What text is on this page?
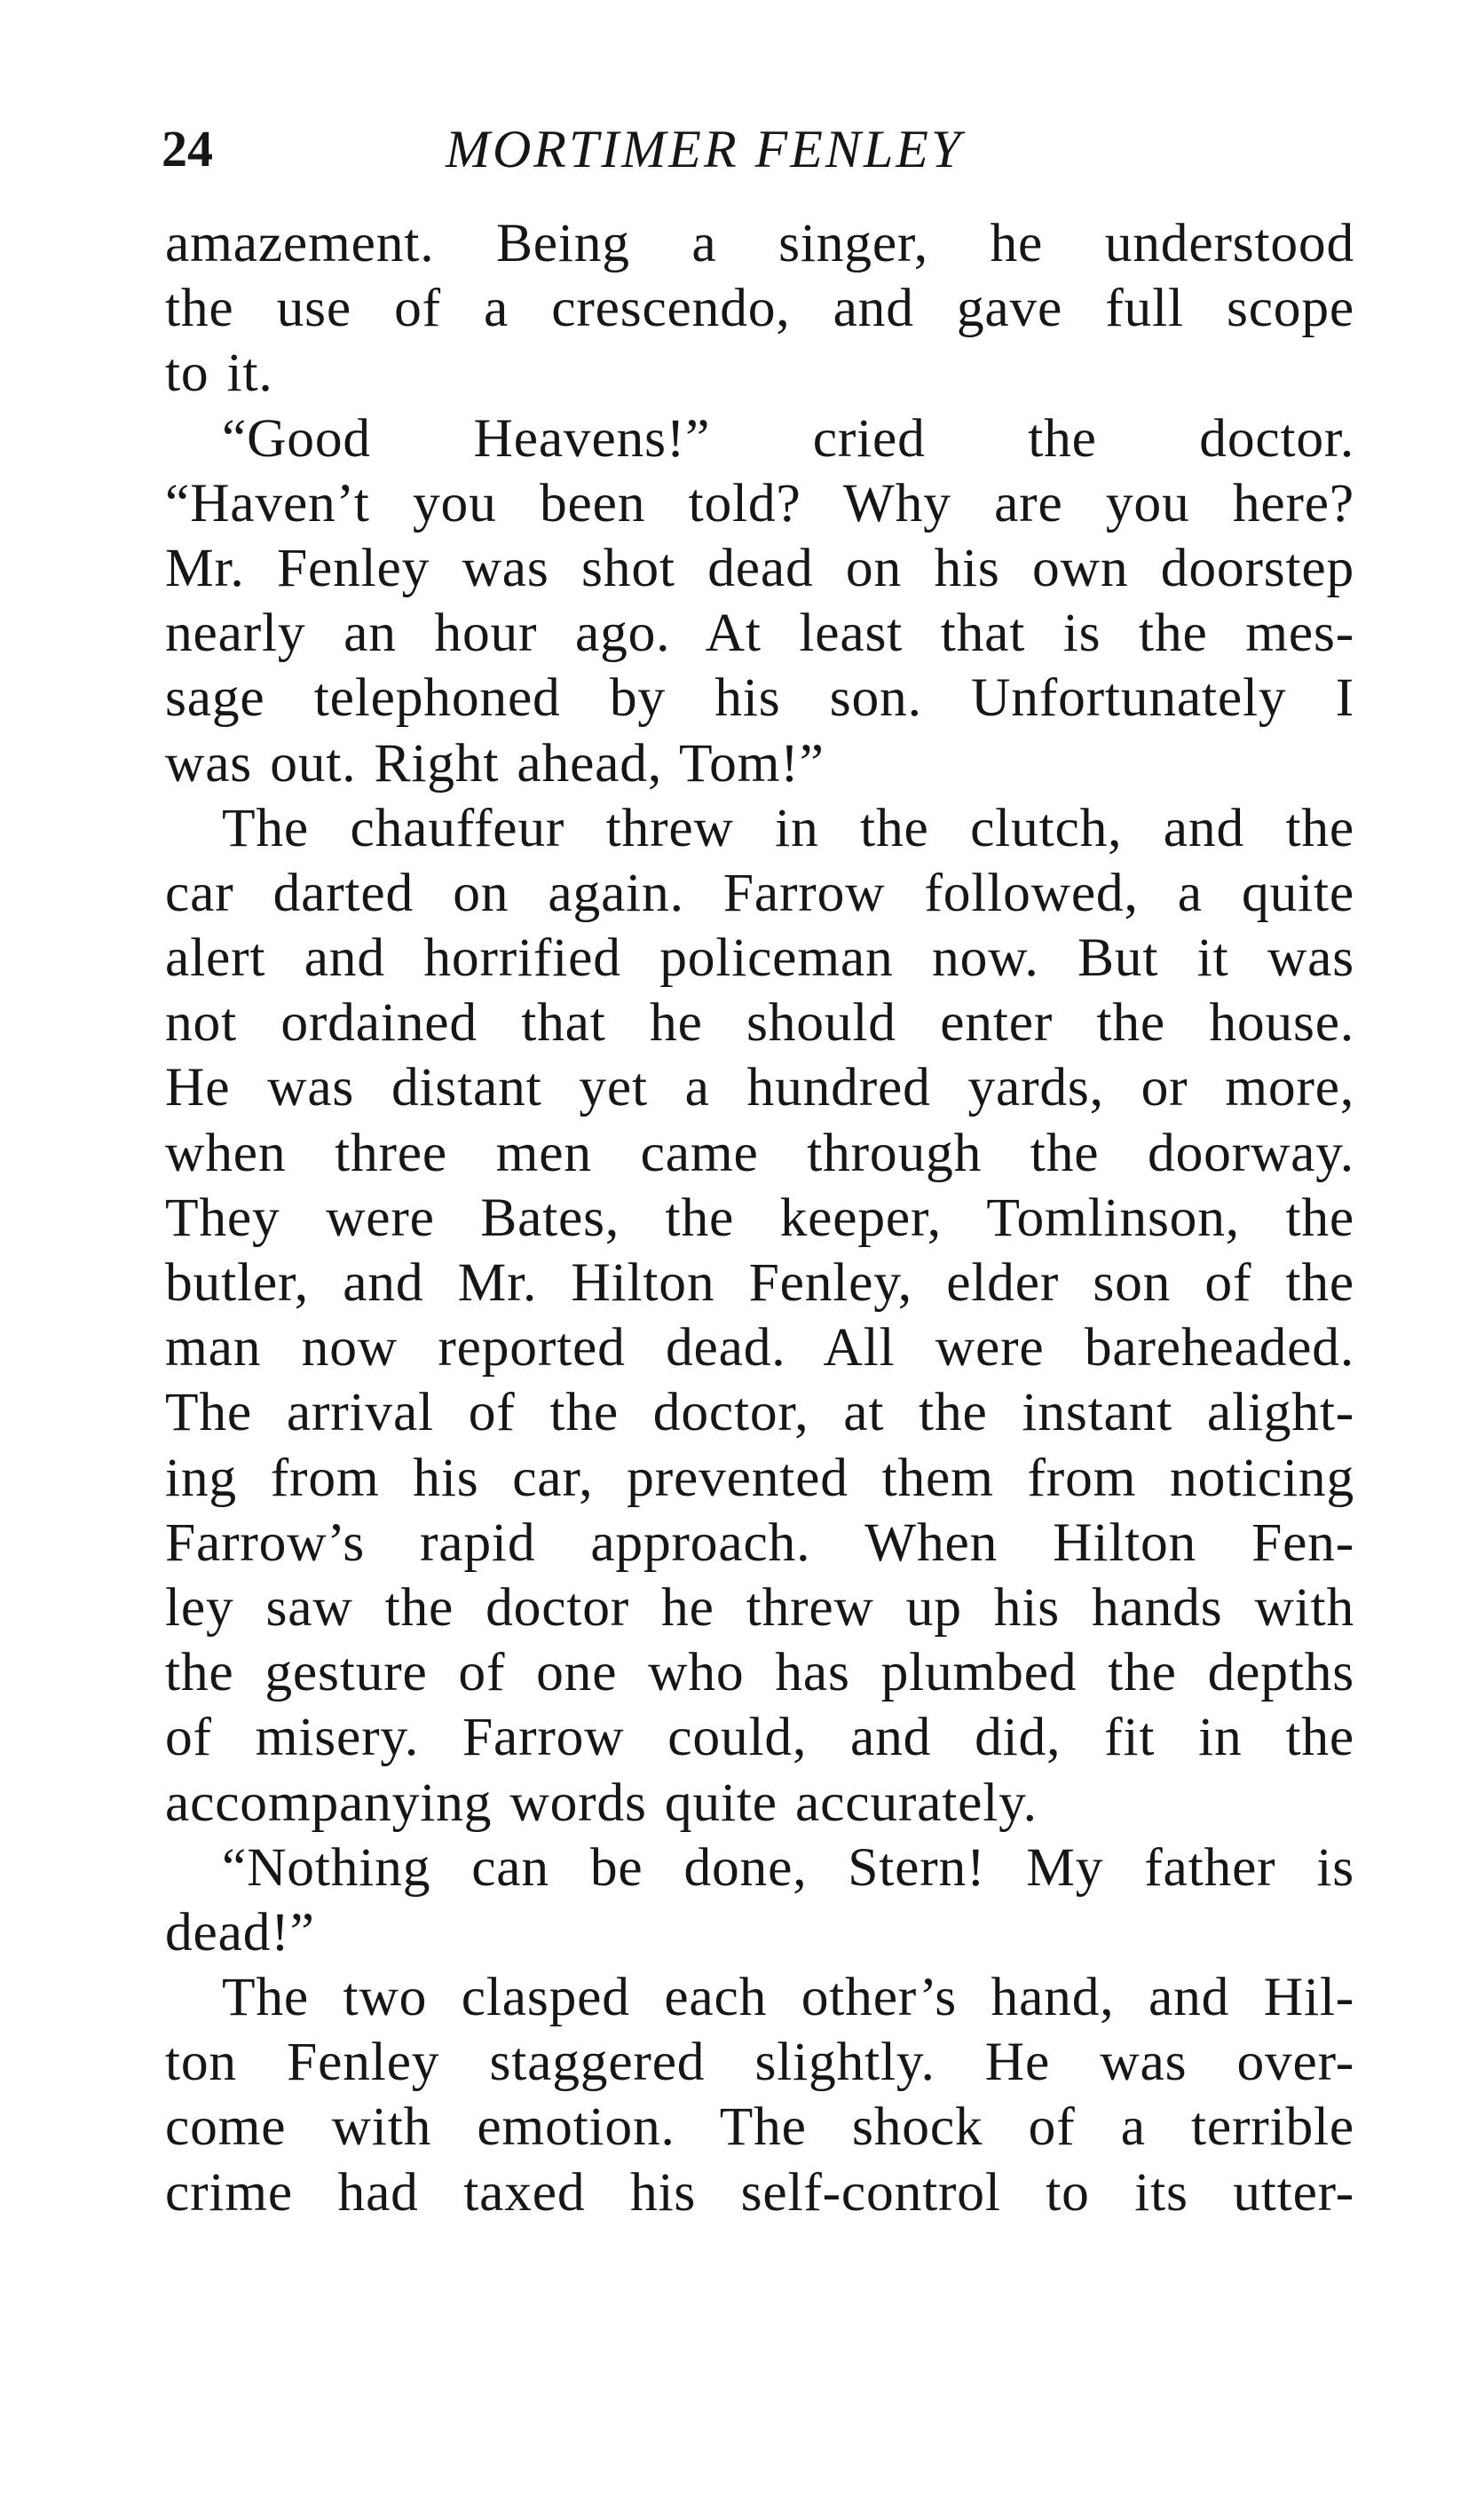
24	MORTIMER FENLEY
amazement. Being a singer, he understood
the use of a crescendo, and gave full scope
to it.
“Good Heavens!” cried the doctor.
“Haven’t you been told? Why are you here?
Mr. Fenley was shot dead on his own doorstep
nearly an hour ago. At least that is the mes-
sage telephoned by his son. Unfortunately I
was out. Right ahead, Tom!”
The chauffeur threw in the clutch, and the
car darted on again. Farrow followed, a quite
alert and horrified policeman now. But it was
not ordained that he should enter the house.
He was distant yet a hundred yards, or more,
when three men came through the doorway.
They were Bates, the keeper, Tomlinson, the
butler, and Mr. Hilton Fenley, elder son of the
man now reported dead. All were bareheaded.
The arrival of the doctor, at the instant alight-
ing from his car, prevented them from noticing
Farrow’s rapid approach. When Hilton Fen-
ley saw the doctor he threw up his hands with
the gesture of one who has plumbed the depths
of misery. Farrow could, and did, fit in the
accompanying words quite accurately.
“Nothing can be done, Stern! My father is
dead!”
The two clasped each other’s hand, and Hil-
ton Fenley staggered slightly. He was over-
come with emotion. The shock of a terrible
crime had taxed his self-control to its utter-
